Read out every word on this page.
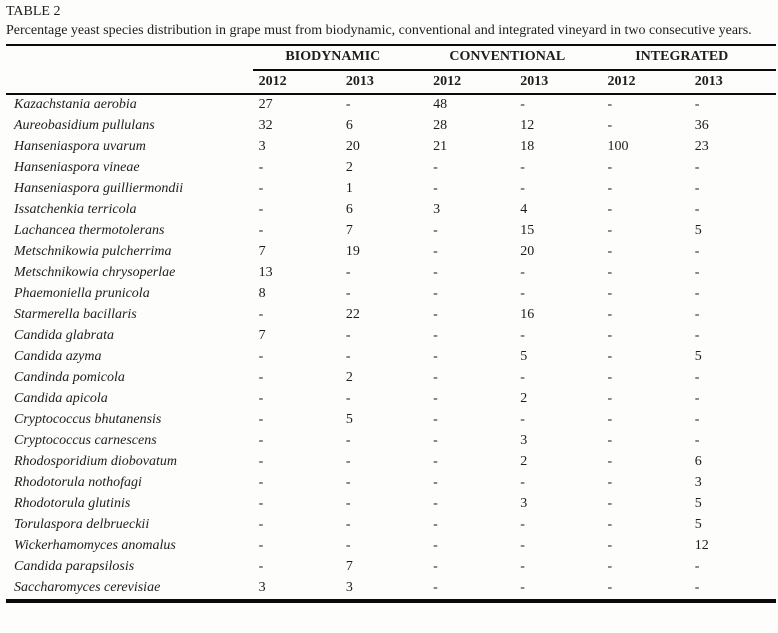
TABLE 2

Percentage yeast species distribution in grape must from biodynamic, conventional and integrated vineyard in two consecutive years.

	BIODYNAMIC		CONVENTIONAL		INTEGRATED	
	2012	2013	2012	2013	2012	2013
Kazachstania aerobia	27	-	48	-	-	-
Aureobasidium pullulans	32	6	28	12	-	36
Hanseniaspora uvarum	3	20	21	18	100	23
Hanseniaspora vineae	-	2	-	-	-	-
Hanseniaspora guilliermondii	-	1	-	-	-	-
Issatchenkia terricola	-	6	3	4	-	-
Lachancea thermotolerans	-	7	-	15	-	5
Metschnikowia pulcherrima	7	19	-	20	-	-
Metschnikowia chrysoperlae	13	-	-	-	-	-
Phaemoniella prunicola	8	-	-	-	-	-
Starmerella bacillaris	-	22	-	16	-	-
Candida glabrata	7	-	-	-	-	-
Candida azyma	-	-	-	5	-	5
Candinda pomicola	-	2	-	-	-	-
Candida apicola	-	-	-	2	-	-
Cryptococcus bhutanensis	-	5	-	-	-	-
Cryptococcus carnescens	-	-	-	3	-	-
Rhodosporidium diobovatum	-	-	-	2	-	6
Rhodotorula nothofagi	-	-	-	-	-	3
Rhodotorula glutinis	-	-	-	3	-	5
Torulaspora delbrueckii	-	-	-	-	-	5
Wickerhamomyces anomalus	-	-	-	-	-	12
Candida parapsilosis	-	7	-	-	-	-
Saccharomyces cerevisiae	3	3	-	-	-	-
